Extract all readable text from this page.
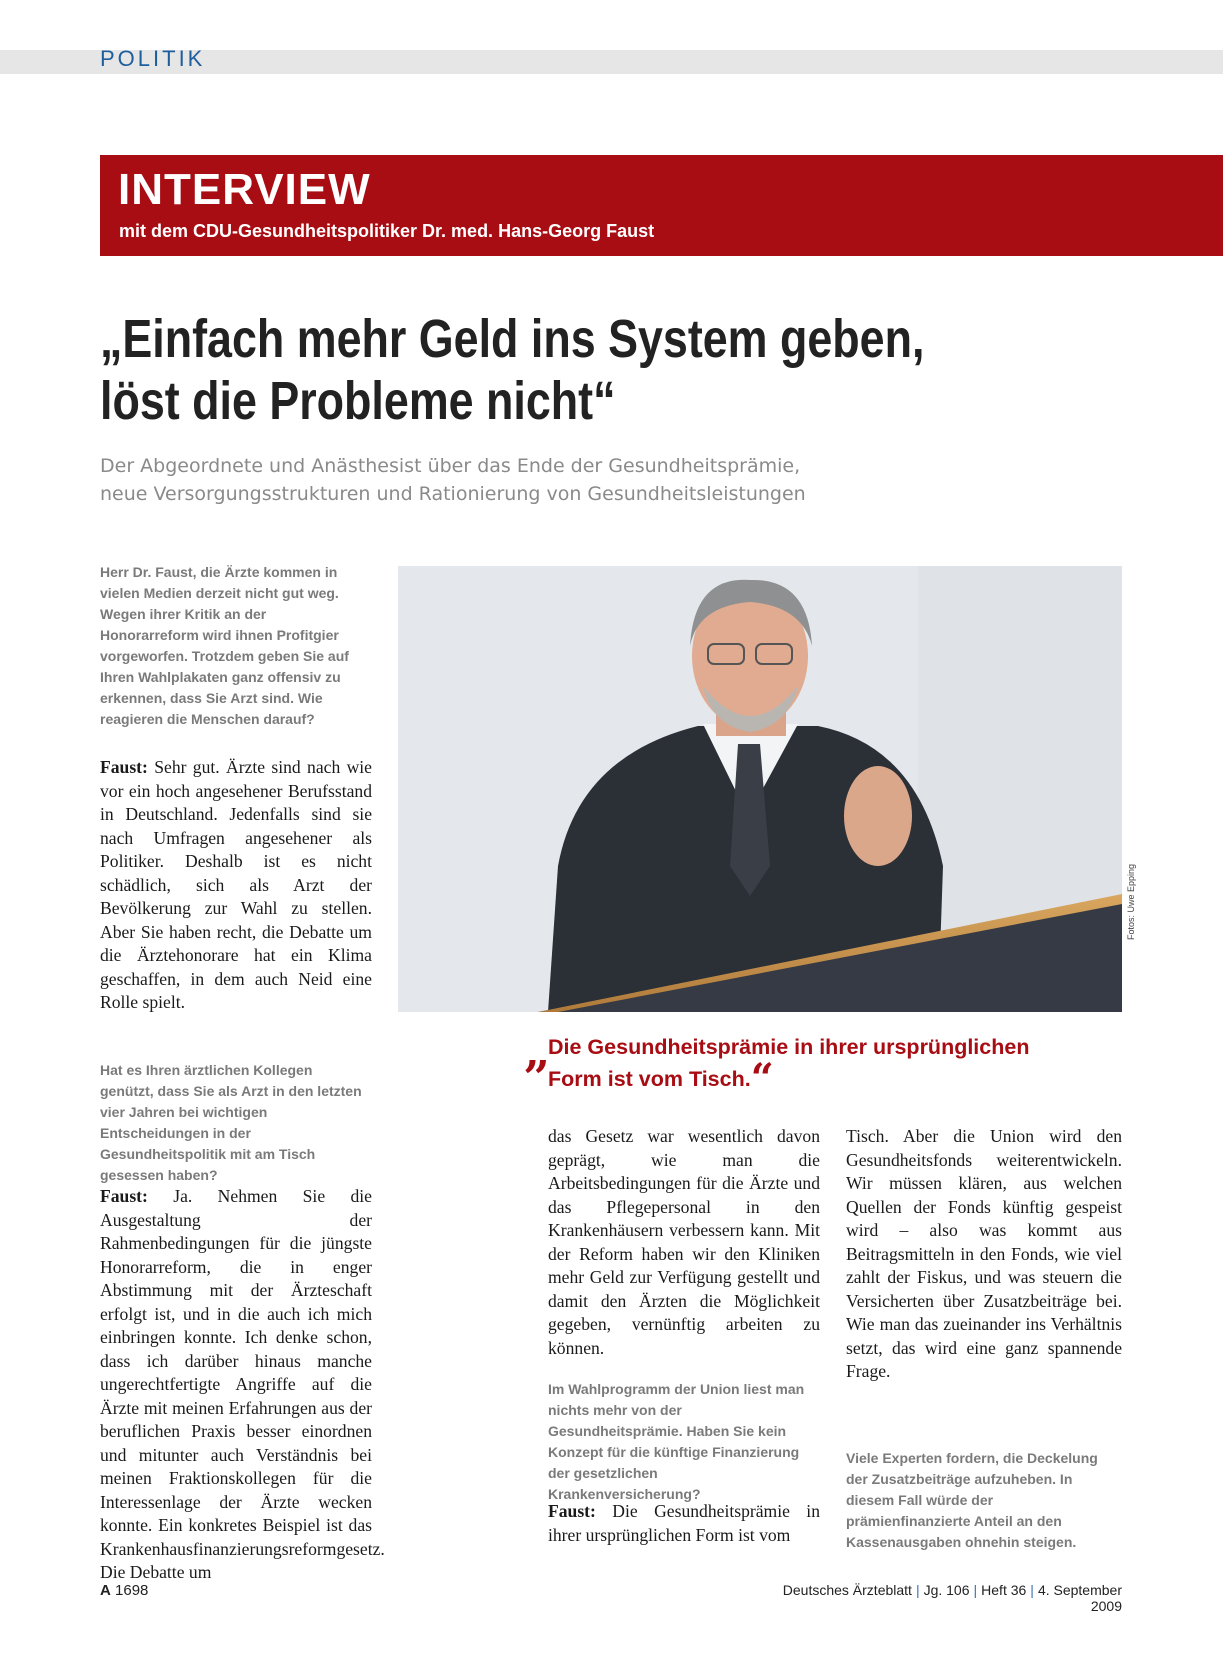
POLITIK
INTERVIEW
mit dem CDU-Gesundheitspolitiker Dr. med. Hans-Georg Faust
„Einfach mehr Geld ins System geben,
löst die Probleme nicht“
Der Abgeordnete und Anästhesist über das Ende der Gesundheitsprämie,
neue Versorgungsstrukturen und Rationierung von Gesundheitsleistungen
Herr Dr. Faust, die Ärzte kommen in vielen Medien derzeit nicht gut weg. Wegen ihrer Kritik an der Honorarreform wird ihnen Profitgier vorgeworfen. Trotzdem geben Sie auf Ihren Wahlplakaten ganz offensiv zu erkennen, dass Sie Arzt sind. Wie reagieren die Menschen darauf?
Faust: Sehr gut. Ärzte sind nach wie vor ein hoch angesehener Berufsstand in Deutschland. Jedenfalls sind sie nach Umfragen angesehener als Politiker. Deshalb ist es nicht schädlich, sich als Arzt der Bevölkerung zur Wahl zu stellen. Aber Sie haben recht, die Debatte um die Ärztehonorare hat ein Klima geschaffen, in dem auch Neid eine Rolle spielt.
Hat es Ihren ärztlichen Kollegen genützt, dass Sie als Arzt in den letzten vier Jahren bei wichtigen Entscheidungen in der Gesundheitspolitik mit am Tisch gesessen haben?
Faust: Ja. Nehmen Sie die Ausgestaltung der Rahmenbedingungen für die jüngste Honorarreform, die in enger Abstimmung mit der Ärzteschaft erfolgt ist, und in die auch ich mich einbringen konnte. Ich denke schon, dass ich darüber hinaus manche ungerechtfertigte Angriffe auf die Ärzte mit meinen Erfahrungen aus der beruflichen Praxis besser einordnen und mitunter auch Verständnis bei meinen Fraktionskollegen für die Interessenlage der Ärzte wecken konnte. Ein konkretes Beispiel ist das Krankenhausfinanzierungsreformgesetz. Die Debatte um
Fotos: Uwe Epping
„
Die Gesundheitsprämie in ihrer ursprünglichen
Form ist vom Tisch.“
das Gesetz war wesentlich davon geprägt, wie man die Arbeitsbedingungen für die Ärzte und das Pflegepersonal in den Krankenhäusern verbessern kann. Mit der Reform haben wir den Kliniken mehr Geld zur Verfügung gestellt und damit den Ärzten die Möglichkeit gegeben, vernünftig arbeiten zu können.
Im Wahlprogramm der Union liest man nichts mehr von der Gesundheitsprämie. Haben Sie kein Konzept für die künftige Finanzierung der gesetzlichen Krankenversicherung?
Faust: Die Gesundheitsprämie in ihrer ursprünglichen Form ist vom
Tisch. Aber die Union wird den Gesundheitsfonds weiterentwickeln. Wir müssen klären, aus welchen Quellen der Fonds künftig gespeist wird – also was kommt aus Beitragsmitteln in den Fonds, wie viel zahlt der Fiskus, und was steuern die Versicherten über Zusatzbeiträge bei. Wie man das zueinander ins Verhältnis setzt, das wird eine ganz spannende Frage.
Viele Experten fordern, die Deckelung der Zusatzbeiträge aufzuheben. In diesem Fall würde der prämienfinanzierte Anteil an den Kassenausgaben ohnehin steigen.
A 1698	Deutsches Ärzteblatt | Jg. 106 | Heft 36 | 4. September 2009
